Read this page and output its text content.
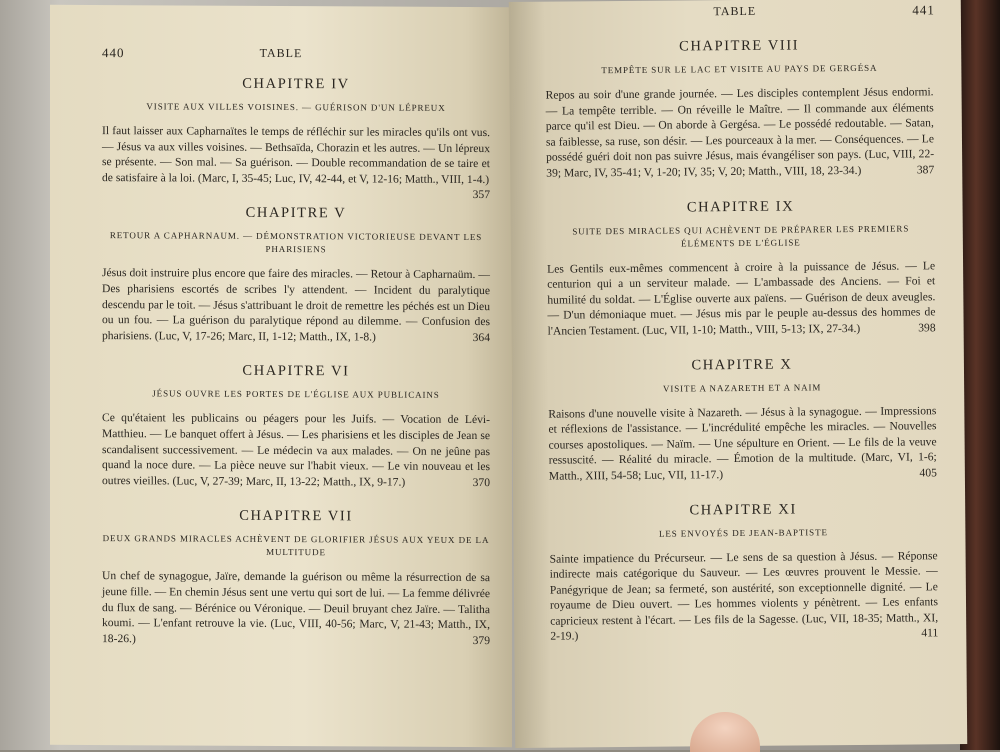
440	TABLE
CHAPITRE IV
VISITE AUX VILLES VOISINES. — GUÉRISON D'UN LÉPREUX
Il faut laisser aux Capharnaïtes le temps de réfléchir sur les miracles qu'ils ont vus. — Jésus va aux villes voisines. — Bethsaïda, Chorazin et les autres. — Un lépreux se présente. — Son mal. — Sa guérison. — Double recommandation de se taire et de satisfaire à la loi. (Marc, I, 35-45; Luc, IV, 42-44, et V, 12-16; Matth., VIII, 1-4.)
357
CHAPITRE V
RETOUR A CAPHARNAUM. — DÉMONSTRATION VICTORIEUSE DEVANT LES PHARISIENS
Jésus doit instruire plus encore que faire des miracles. — Retour à Capharnaüm. — Des pharisiens escortés de scribes l'y attendent. — Incident du paralytique descendu par le toit. — Jésus s'attribuant le droit de remettre les péchés est un Dieu ou un fou. — La guérison du paralytique répond au dilemme. — Confusion des pharisiens. (Luc, V, 17-26; Marc, II, 1-12; Matth., IX, 1-8.)	364
CHAPITRE VI
JÉSUS OUVRE LES PORTES DE L'ÉGLISE AUX PUBLICAINS
Ce qu'étaient les publicains ou péagers pour les Juifs. — Vocation de Lévi-Matthieu. — Le banquet offert à Jésus. — Les pharisiens et les disciples de Jean se scandalisent successivement. — Le médecin va aux malades. — On ne jeûne pas quand la noce dure. — La pièce neuve sur l'habit vieux. — Le vin nouveau et les outres vieilles. (Luc, V, 27-39; Marc, II, 13-22; Matth., IX, 9-17.)	370
CHAPITRE VII
DEUX GRANDS MIRACLES ACHÈVENT DE GLORIFIER JÉSUS AUX YEUX DE LA MULTITUDE
Un chef de synagogue, Jaïre, demande la guérison ou même la résurrection de sa jeune fille. — En chemin Jésus sent une vertu qui sort de lui. — La femme délivrée du flux de sang. — Bérénice ou Véronique. — Deuil bruyant chez Jaïre. — Talitha koumi. — L'enfant retrouve la vie. (Luc, VIII, 40-56; Marc, V, 21-43; Matth., IX, 18-26.)	379
TABLE	441
CHAPITRE VIII
TEMPÊTE SUR LE LAC ET VISITE AU PAYS DE GERGÉSA
Repos au soir d'une grande journée. — Les disciples contemplent Jésus endormi. — La tempête terrible. — On réveille le Maître. — Il commande aux éléments parce qu'il est Dieu. — On aborde à Gergésa. — Le possédé redoutable. — Satan, sa faiblesse, sa ruse, son désir. — Les pourceaux à la mer. — Conséquences. — Le possédé guéri doit non pas suivre Jésus, mais évangéliser son pays. (Luc, VIII, 22-39; Marc, IV, 35-41; V, 1-20; IV, 35; V, 20; Matth., VIII, 18, 23-34.)	387
CHAPITRE IX
SUITE DES MIRACLES QUI ACHÈVENT DE PRÉPARER LES PREMIERS ÉLÉMENTS DE L'ÉGLISE
Les Gentils eux-mêmes commencent à croire à la puissance de Jésus. — Le centurion qui a un serviteur malade. — L'ambassade des Anciens. — Foi et humilité du soldat. — L'Église ouverte aux païens. — Guérison de deux aveugles. — D'un démoniaque muet. — Jésus mis par le peuple au-dessus des hommes de l'Ancien Testament. (Luc, VII, 1-10; Matth., VIII, 5-13; IX, 27-34.)	398
CHAPITRE X
VISITE A NAZARETH ET A NAIM
Raisons d'une nouvelle visite à Nazareth. — Jésus à la synagogue. — Impressions et réflexions de l'assistance. — L'incrédulité empêche les miracles. — Nouvelles courses apostoliques. — Naïm. — Une sépulture en Orient. — Le fils de la veuve ressuscité. — Réalité du miracle. — Émotion de la multitude. (Marc, VI, 1-6; Matth., XIII, 54-58; Luc, VII, 11-17.)	405
CHAPITRE XI
LES ENVOYÉS DE JEAN-BAPTISTE
Sainte impatience du Précurseur. — Le sens de sa question à Jésus. — Réponse indirecte mais catégorique du Sauveur. — Les œuvres prouvent le Messie. — Panégyrique de Jean; sa fermeté, son austérité, son exceptionnelle dignité. — Le royaume de Dieu ouvert. — Les hommes violents y pénètrent. — Les enfants capricieux restent à l'écart. — Les fils de la Sagesse. (Luc, VII, 18-35; Matth., XI, 2-19.)	411
